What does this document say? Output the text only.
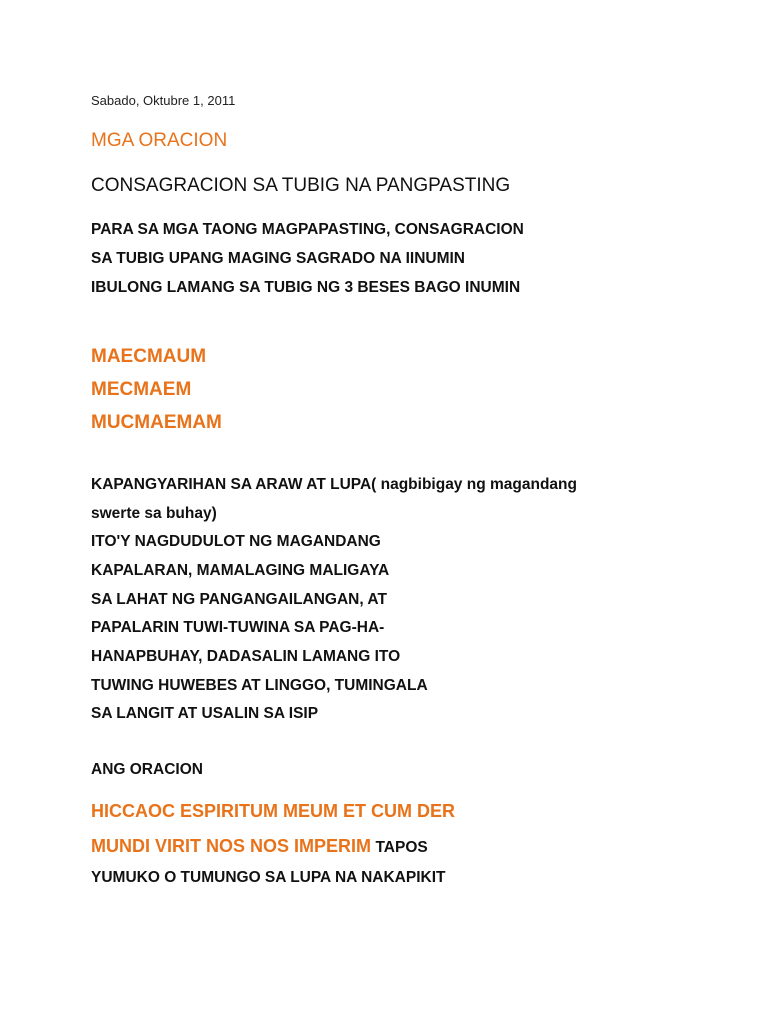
Sabado, Oktubre 1, 2011
MGA ORACION
CONSAGRACION SA TUBIG NA PANGPASTING
PARA SA MGA TAONG MAGPAPASTING, CONSAGRACION
SA TUBIG UPANG MAGING SAGRADO NA IINUMIN
IBULONG LAMANG SA TUBIG NG 3 BESES BAGO INUMIN
MAECMAUM
MECMAEM
MUCMAEMAM
KAPANGYARIHAN SA ARAW AT LUPA( nagbibigay ng magandang
swerte sa buhay)
ITO'Y NAGDUDULOT NG MAGANDANG
KAPALARAN, MAMALAGING MALIGAYA
SA LAHAT NG PANGANGAILANGAN, AT
PAPALARIN TUWI-TUWINA SA PAG-HA-
HANAPBUHAY, DADASALIN LAMANG ITO
TUWING HUWEBES AT LINGGO, TUMINGALA
SA LANGIT AT USALIN SA ISIP
ANG ORACION
HICCAOC ESPIRITUM MEUM ET CUM DER
MUNDI VIRIT NOS NOS IMPERIM TAPOS
YUMUKO O TUMUNGO SA LUPA NA NAKAPIKIT
